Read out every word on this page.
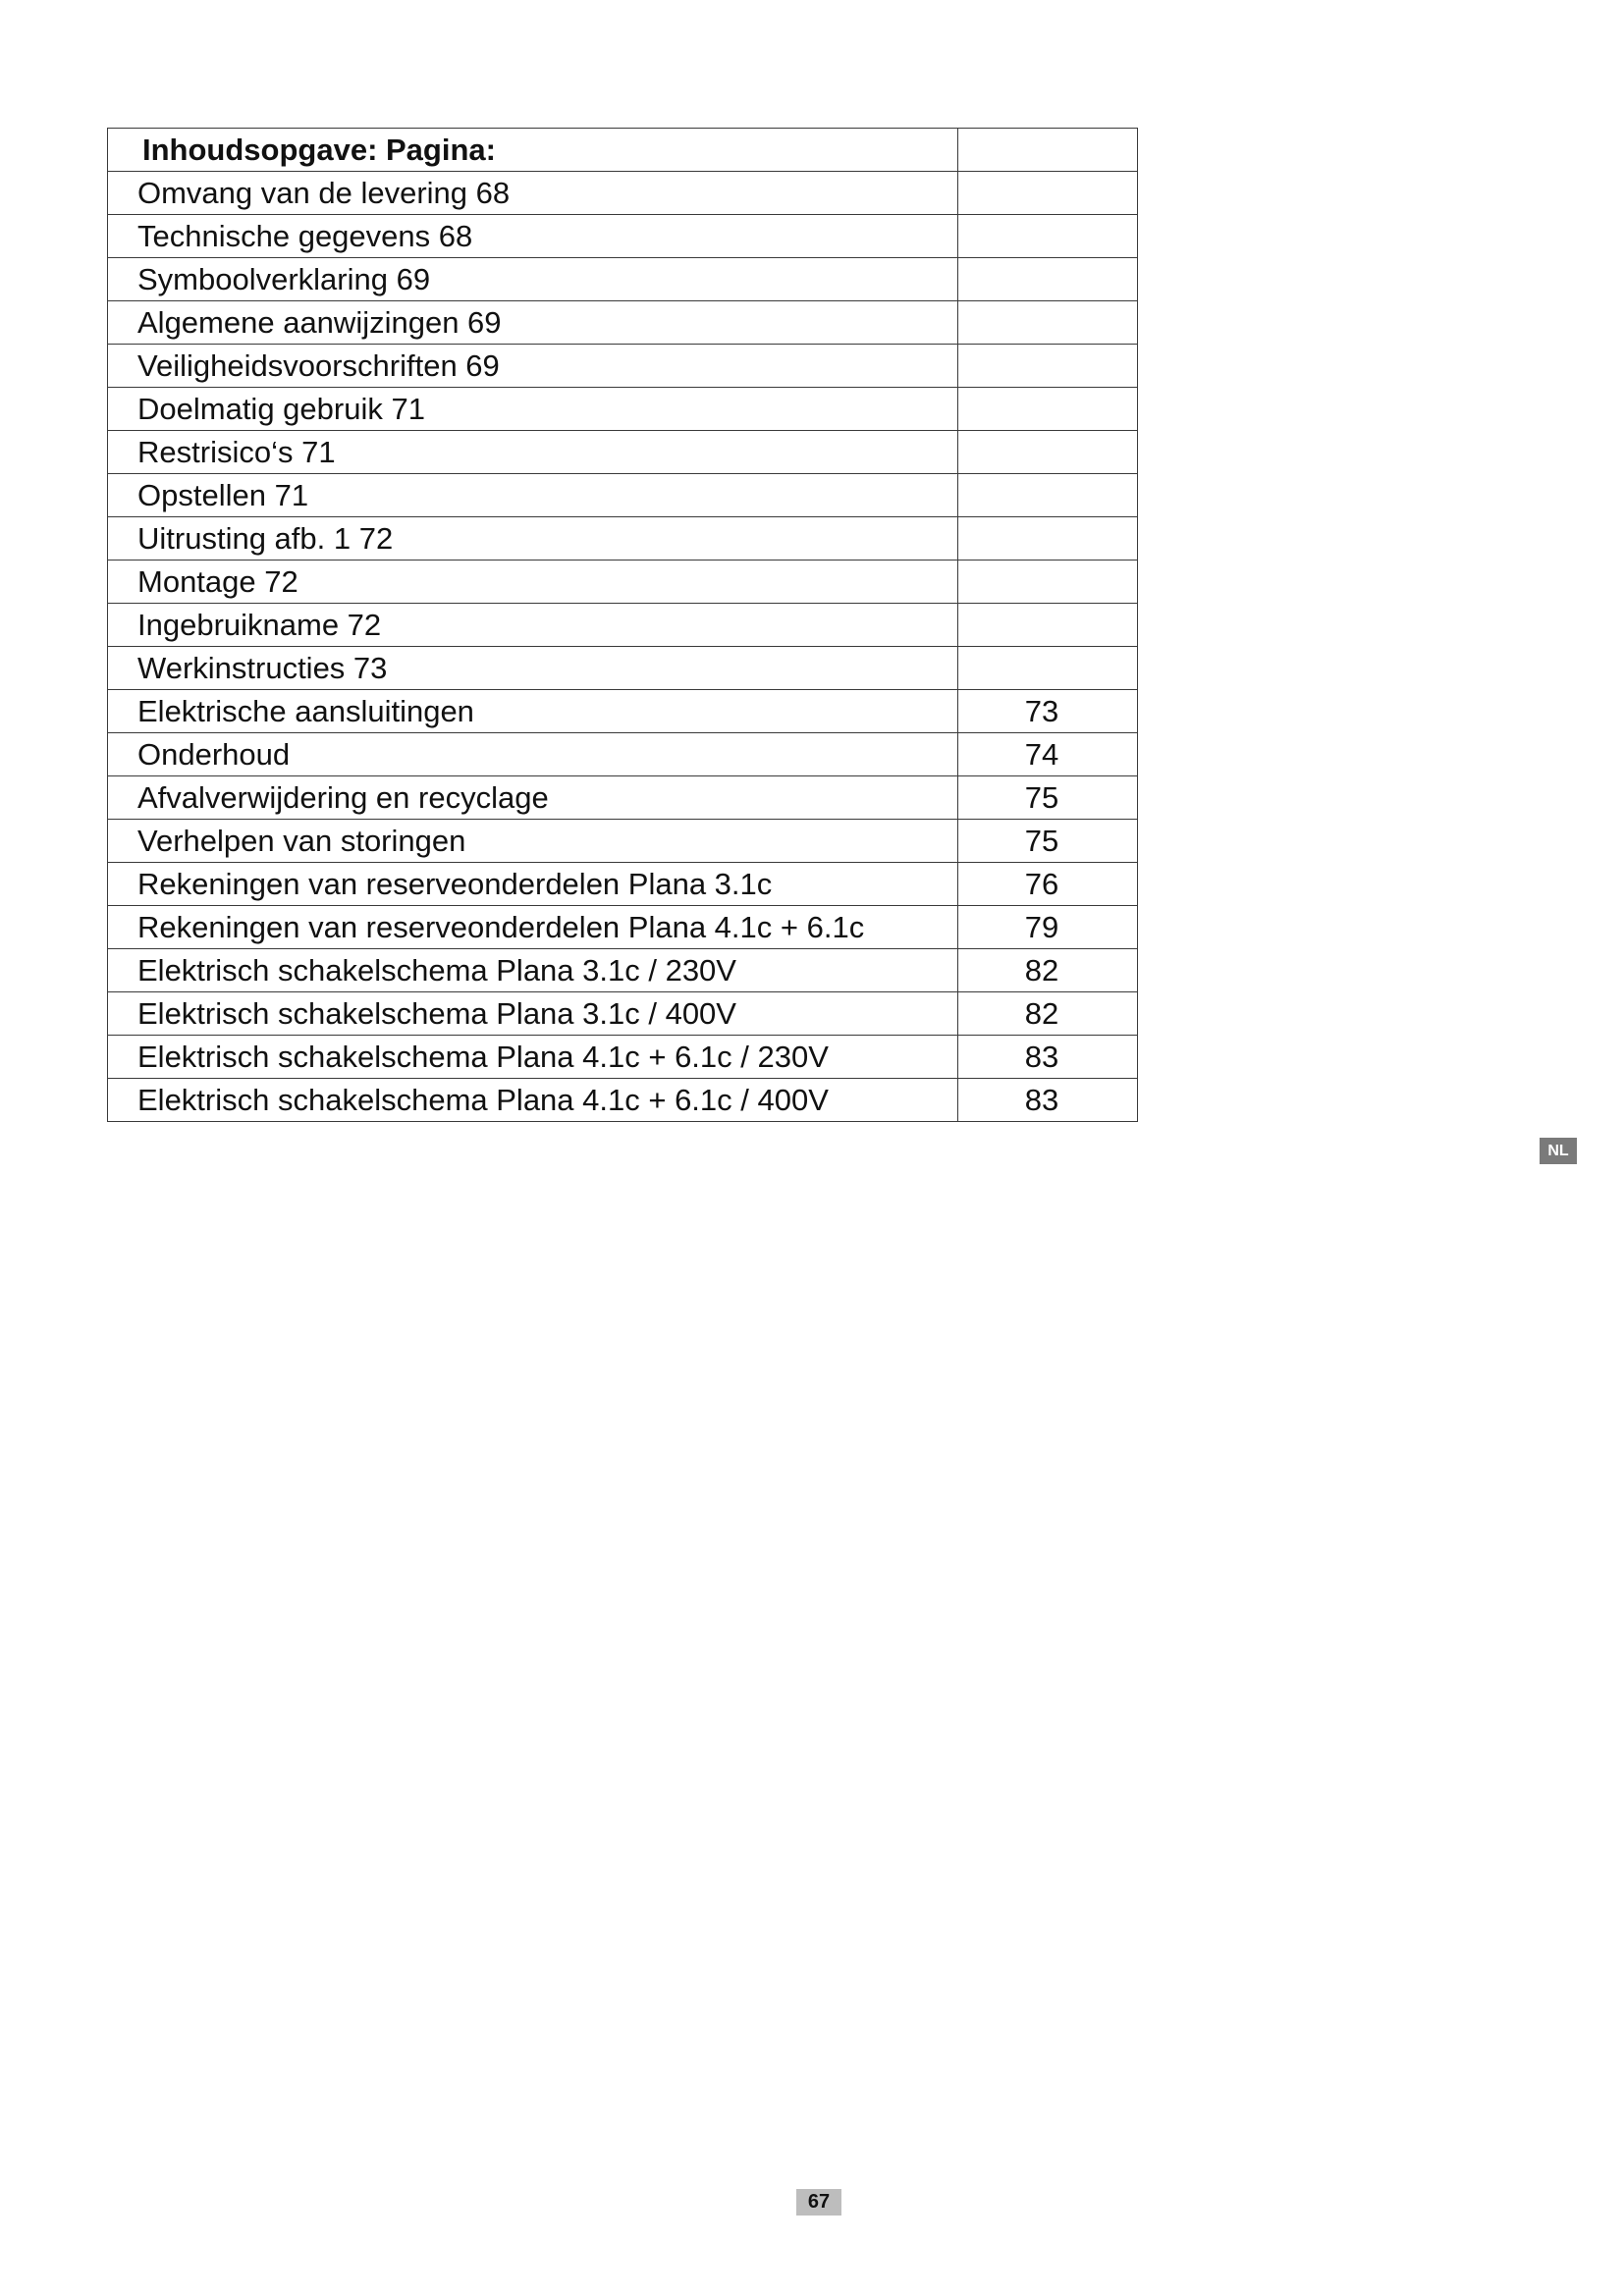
Inhoudsopgave: Pagina:	
Omvang van de levering 68	
Technische gegevens 68	
Symboolverklaring 69	
Algemene aanwijzingen 69	
Veiligheidsvoorschriften 69	
Doelmatig gebruik 71	
Restrisico‘s 71	
Opstellen 71	
Uitrusting afb. 1 72	
Montage 72	
Ingebruikname 72	
Werkinstructies 73	
Elektrische aansluitingen	73
Onderhoud	74
Afvalverwijdering en recyclage	75
Verhelpen van storingen	75
Rekeningen van reserveonderdelen Plana 3.1c	76
Rekeningen van reserveonderdelen Plana 4.1c + 6.1c	79
Elektrisch schakelschema Plana 3.1c / 230V	82
Elektrisch schakelschema Plana 3.1c / 400V	82
Elektrisch schakelschema Plana 4.1c + 6.1c / 230V	83
Elektrisch schakelschema Plana 4.1c + 6.1c / 400V	83
NL
67
